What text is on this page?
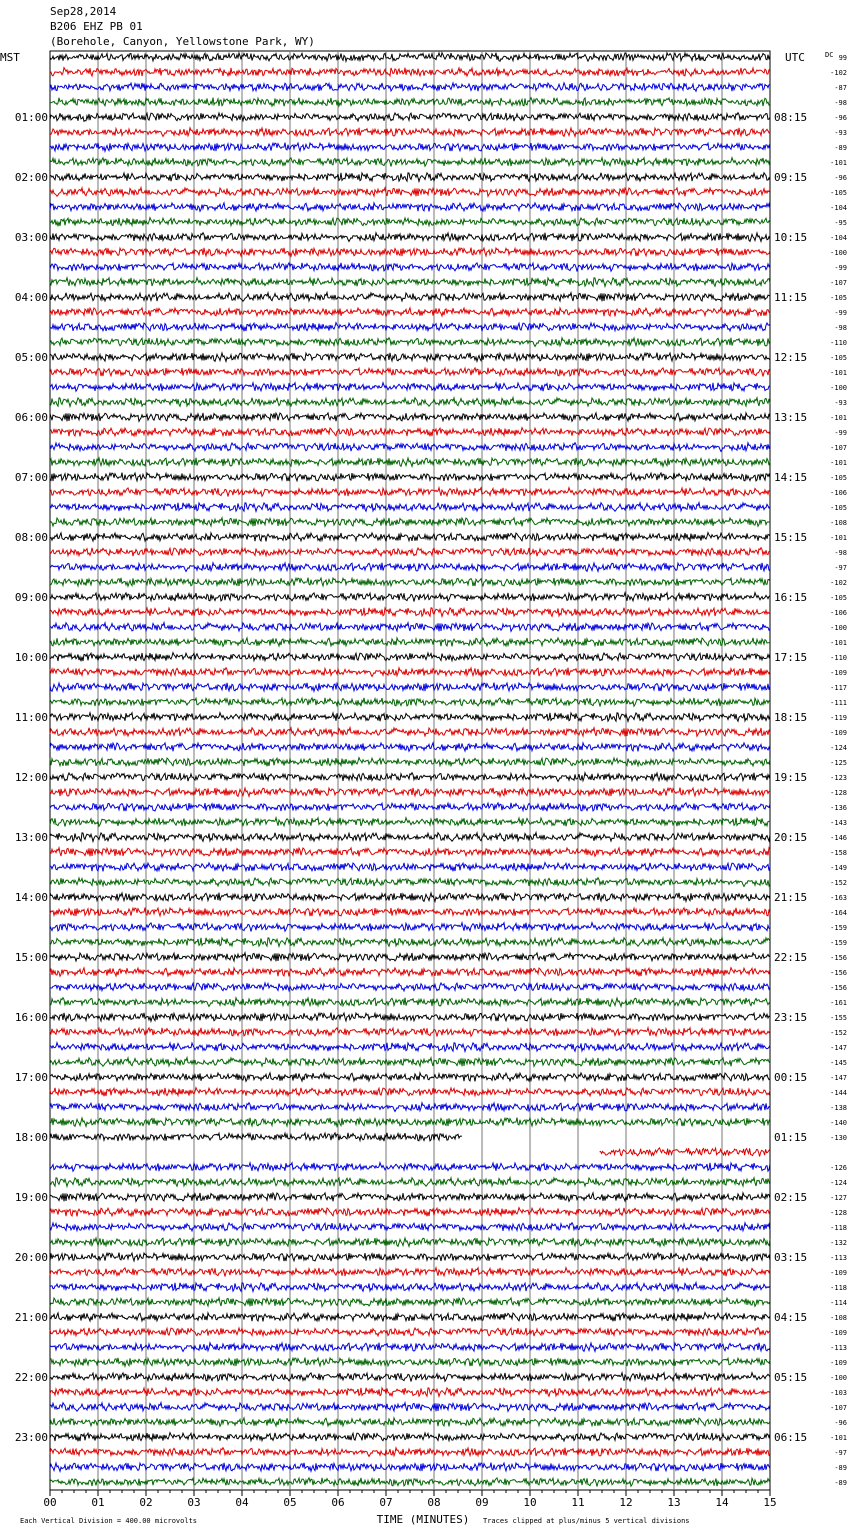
Sep28,2014
B206 EHZ PB 01
(Borehole, Canyon, Yellowstone Park, WY)
00	01	02	03	04	05	06	07	08	09	10	11	12	13	14	15
MST	UTC	DC 99
-102
-87
-98
-96
-93
-89
-101
-96
-105
-104
-95
-104
-100
-99
-107
-105
-99
-98
-110
-105
-101
-100
-93
-101
-99
-107
-101
-105
-106
-105
-108
-101
-98
-97
-102
-105
-106
-100
-101
-110
-109
-117
-111
-119
-109
-124
-125
-123
-128
-136
-143
-146
-158
-149
-152
-163
-164
-159
-159
-156
-156
-156
-161
-155
-152
-147
-145
-147
-144
-138
-140
-130
-126
-124
-127
-128
-118
-132
-113
-109
-118
-114
-108
-109
-113
-109
-100
-103
-107
-96
-101
-97
-89
-89
01:00
02:00
03:00
04:00
05:00
06:00
07:00
08:00
09:00
10:00
11:00
12:00
13:00
14:00
15:00
16:00
17:00
18:00
19:00
20:00
21:00
22:00
23:00
08:15
09:15
10:15
11:15
12:15
13:15
14:15
15:15
16:15
17:15
18:15
19:15
20:15
21:15
22:15
23:15
00:15
01:15
02:15
03:15
04:15
05:15
06:15
TIME (MINUTES)
Each Vertical Division = 400.00 microvolts	Traces clipped at plus/minus 5 vertical divisions
